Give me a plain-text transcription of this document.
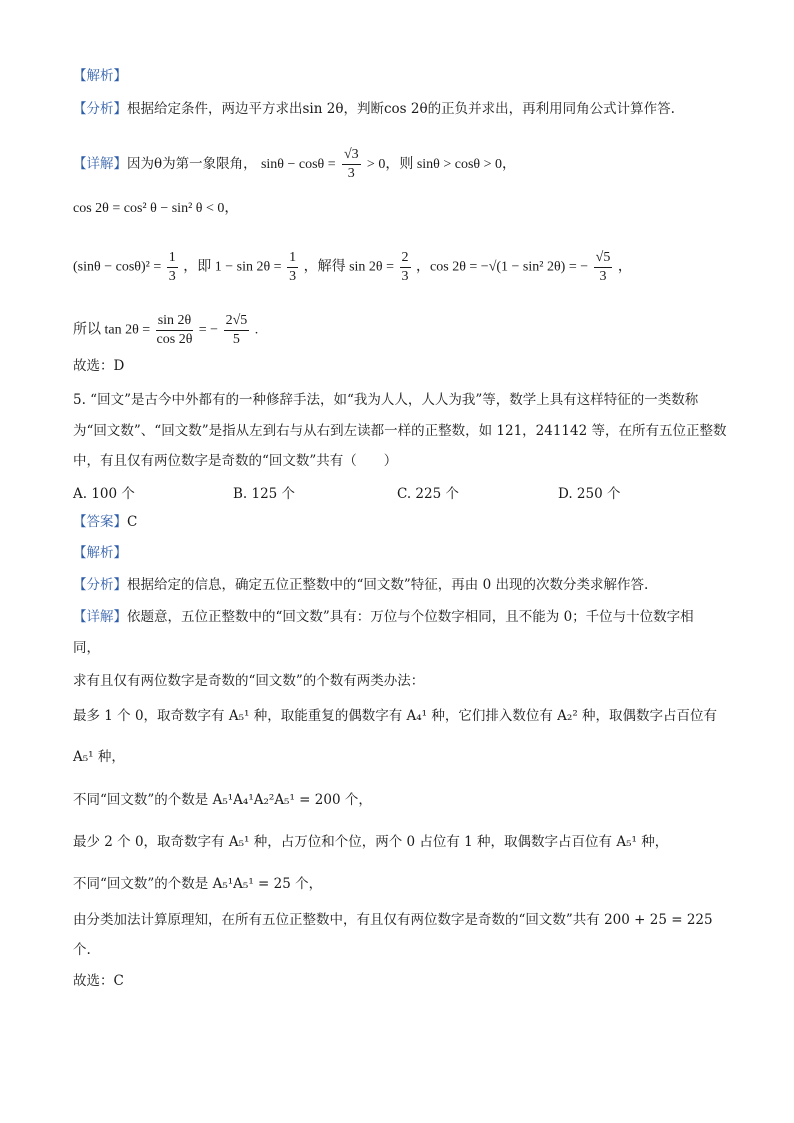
【解析】
【分析】根据给定条件，两边平方求出sin 2θ，判断cos 2θ的正负并求出，再利用同角公式计算作答.
【详解】因为θ为第一象限角， $\sin\theta - \cos\theta = \frac{√3}{3} > 0$，则 sinθ > cosθ > 0，
cos 2θ = cos² θ − sin² θ < 0，
$(\sin\theta - \cos\theta)^2 = \frac{1}{3}$ ，即 $1 - \sin 2\theta = \frac{1}{3}$ ，解得 $\sin 2\theta = \frac{2}{3}$ ，cos 2θ = −√(1 − sin² 2θ) = − $\frac{√5}{3}$ ，
所以 $\tan 2\theta = \frac{\sin 2\theta}{\cos 2\theta}$ = − $\frac{2√5}{5}$ .
故选：D
5. “回文”是古今中外都有的一种修辞手法，如“我为人人，人人为我”等，数学上具有这样特征的一类数称
为“回文数”、“回文数”是指从左到右与从右到左读都一样的正整数，如 121，241142 等，在所有五位正整数
中，有且仅有两位数字是奇数的“回文数”共有（　　）
A. 100 个	B. 125 个	C. 225 个	D. 250 个
【答案】C
【解析】
【分析】根据给定的信息，确定五位正整数中的“回文数”特征，再由 0 出现的次数分类求解作答.
【详解】依题意，五位正整数中的“回文数”具有：万位与个位数字相同，且不能为 0；千位与十位数字相
同，
求有且仅有两位数字是奇数的“回文数”的个数有两类办法：
最多 1 个 0，取奇数字有 A₅¹ 种，取能重复的偶数字有 A₄¹ 种，它们排入数位有 A₂² 种，取偶数字占百位有
A₅¹ 种，
不同“回文数”的个数是 A₅¹A₄¹A₂²A₅¹ = 200 个，
最少 2 个 0，取奇数字有 A₅¹ 种，占万位和个位，两个 0 占位有 1 种，取偶数字占百位有 A₅¹ 种，
不同“回文数”的个数是 A₅¹A₅¹ = 25 个，
由分类加法计算原理知，在所有五位正整数中，有且仅有两位数字是奇数的“回文数”共有 200 + 25 = 225
个.
故选：C
